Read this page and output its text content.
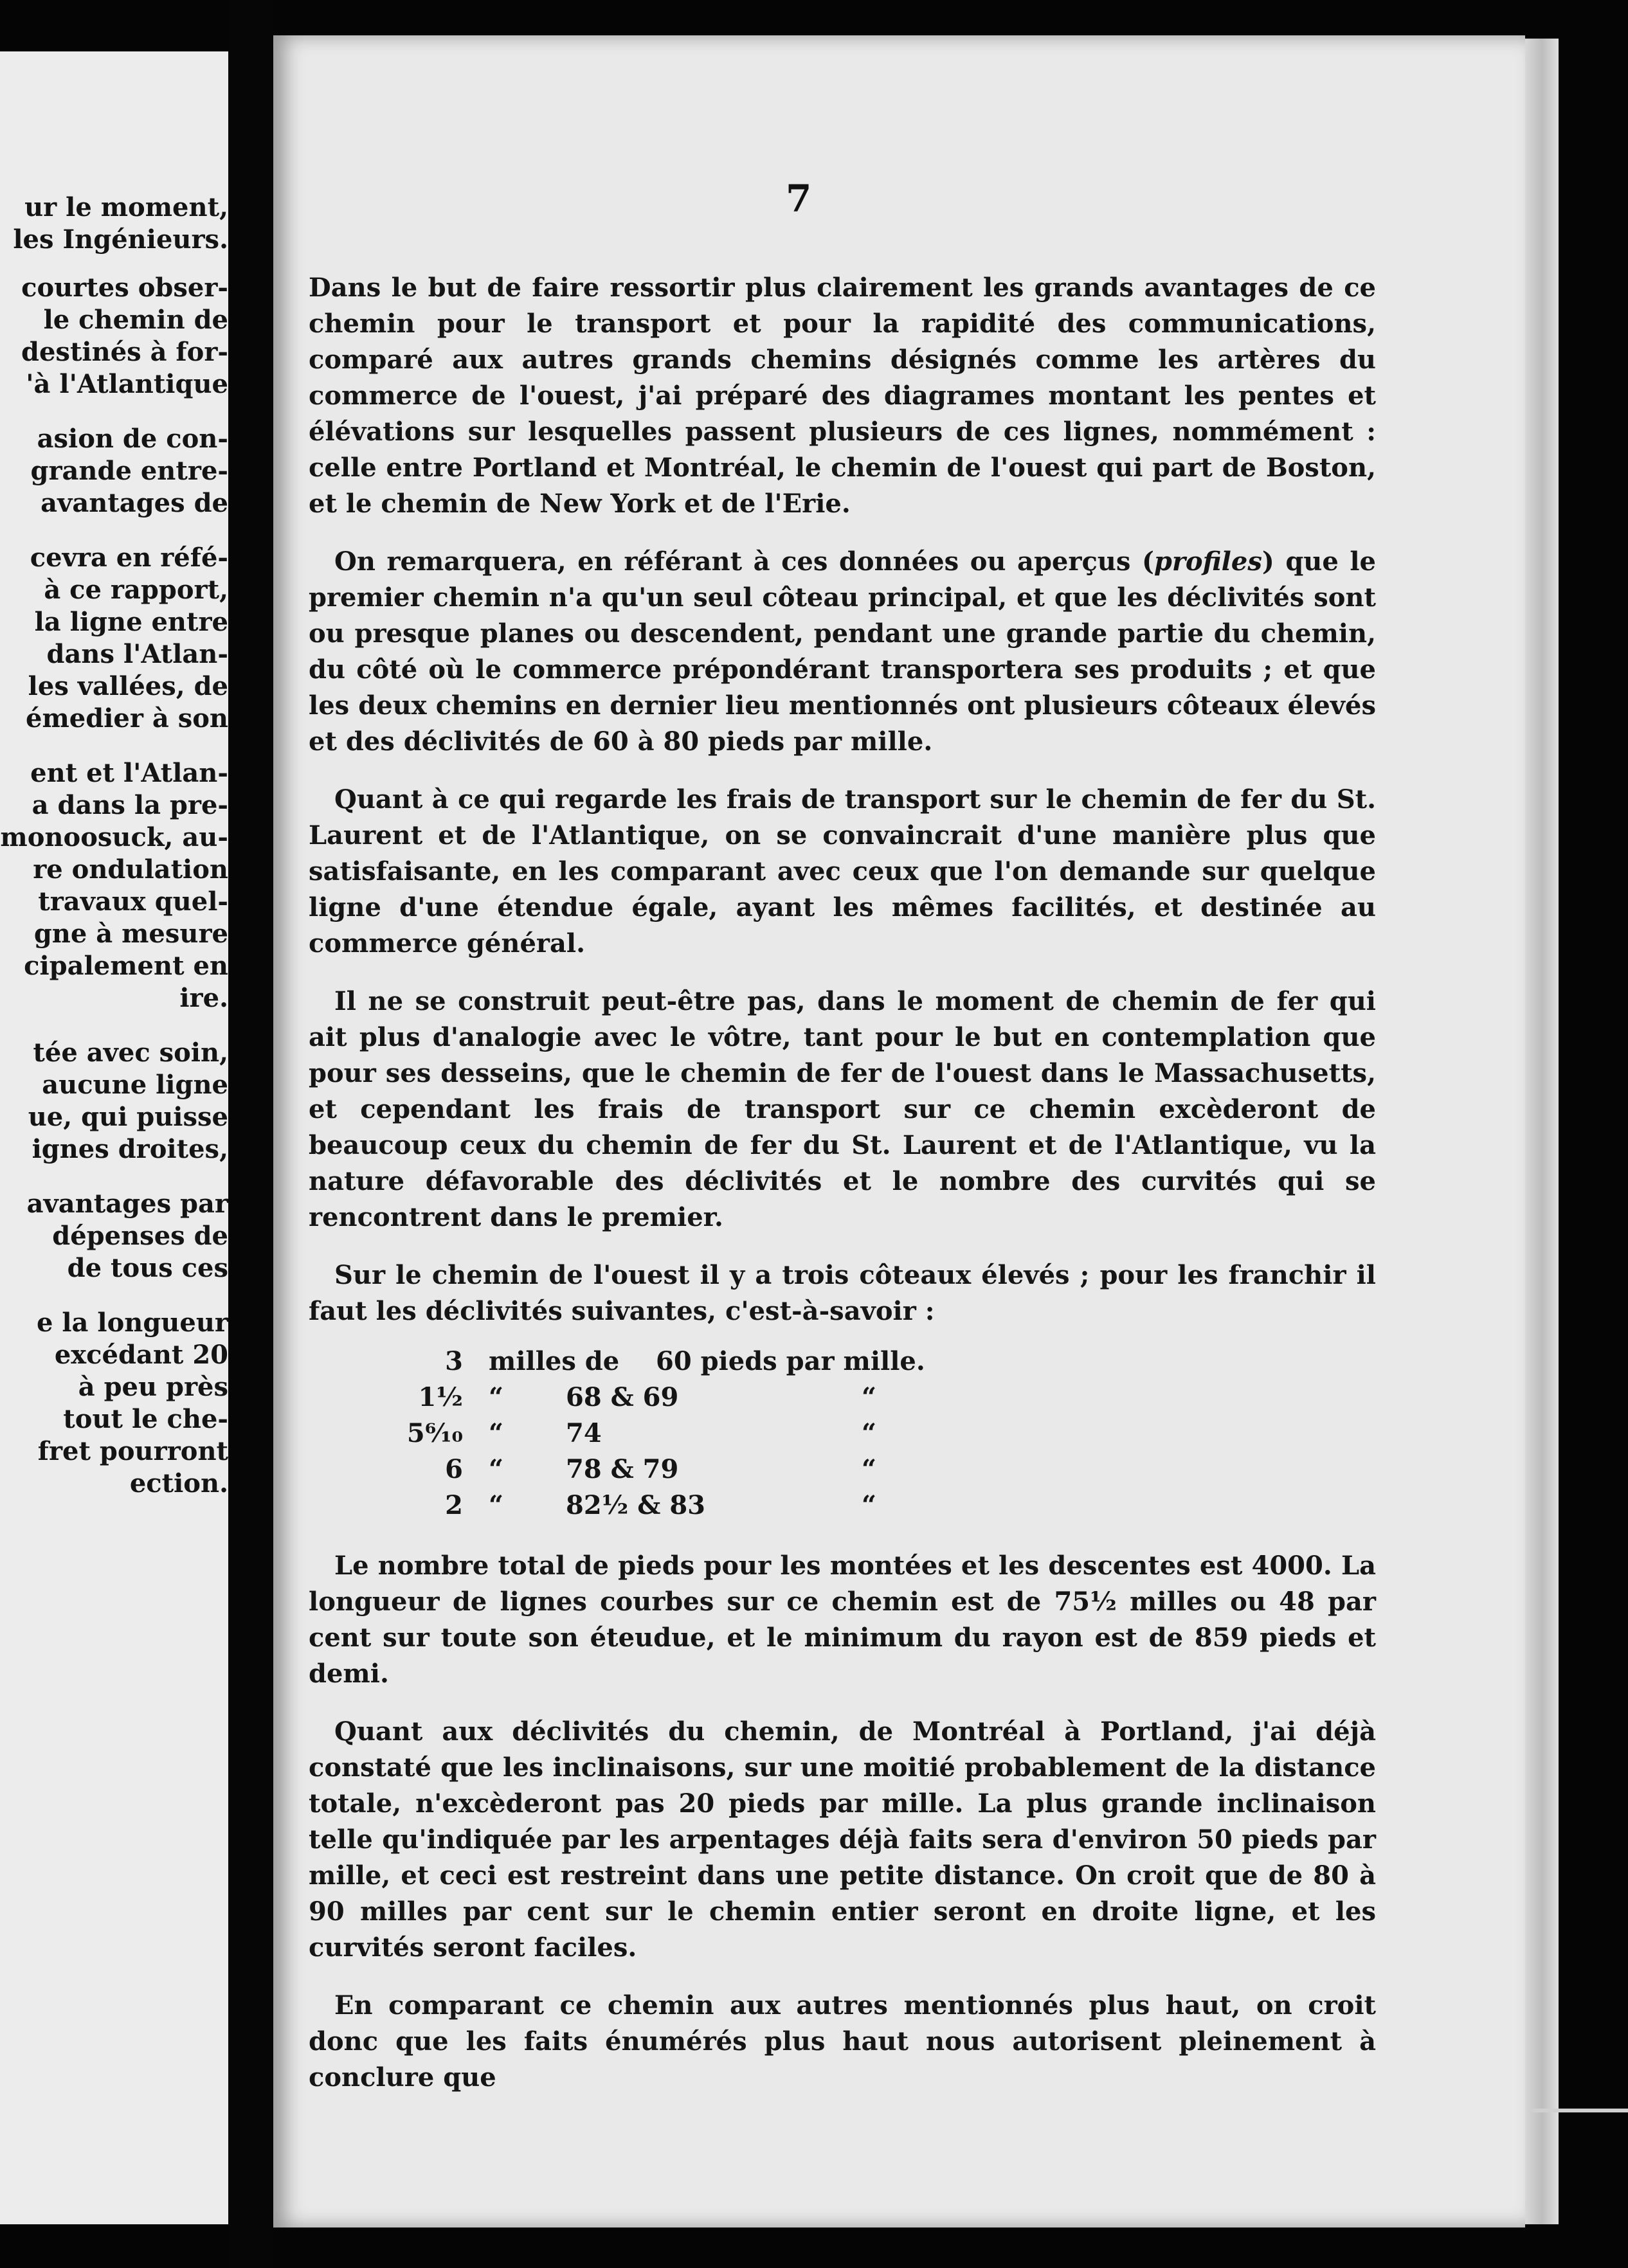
ur le moment,
les Ingénieurs.
courtes obser-
le chemin de
destinés à for-
'à l'Atlantique
asion de con-
grande entre-
avantages de
cevra en réfé-
à ce rapport,
la ligne entre
dans l'Atlan-
les vallées, de
émedier à son
ent et l'Atlan-
a dans la pre-
monoosuck, au-
re ondulation
travaux quel-
gne à mesure
cipalement en
ire.
tée avec soin,
aucune ligne
ue, qui puisse
ignes droites,
avantages par
dépenses de
de tous ces
e la longueur
excédant 20
à peu près
tout le che-
fret pourront
ection.
7

Dans le but de faire ressortir plus clairement les grands avantages de ce chemin pour le transport et pour la rapidité des communications, comparé aux autres grands chemins désignés comme les artères du commerce de l'ouest, j'ai préparé des diagrames montant les pentes et élévations sur lesquelles passent plusieurs de ces lignes, nommément : celle entre Portland et Montréal, le chemin de l'ouest qui part de Boston, et le chemin de New York et de l'Erie.

On remarquera, en référant à ces données ou aperçus (profiles) que le premier chemin n'a qu'un seul côteau principal, et que les déclivités sont ou presque planes ou descendent, pendant une grande partie du chemin, du côté où le commerce prépondérant transportera ses produits ; et que les deux chemins en dernier lieu mentionnés ont plusieurs côteaux élevés et des déclivités de 60 à 80 pieds par mille.

Quant à ce qui regarde les frais de transport sur le chemin de fer du St. Laurent et de l'Atlantique, on se convaincrait d'une manière plus que satisfaisante, en les comparant avec ceux que l'on demande sur quelque ligne d'une étendue égale, ayant les mêmes facilités, et destinée au commerce général.

Il ne se construit peut-être pas, dans le moment de chemin de fer qui ait plus d'analogie avec le vôtre, tant pour le but en contemplation que pour ses desseins, que le chemin de fer de l'ouest dans le Massachusetts, et cependant les frais de transport sur ce chemin excèderont de beaucoup ceux du chemin de fer du St. Laurent et de l'Atlantique, vu la nature défavorable des déclivités et le nombre des curvités qui se rencontrent dans le premier.

Sur le chemin de l'ouest il y a trois côteaux élevés ; pour les franchir il faut les déclivités suivantes, c'est-à-savoir :

3 milles de 60 pieds par mille.
1½ “ 68 & 69	“
5⁶⁄₁₀ “ 74	“
6 “ 78 & 79	“
2 “ 82½ & 83	“

Le nombre total de pieds pour les montées et les descentes est 4000. La longueur de lignes courbes sur ce chemin est de 75½ milles ou 48 par cent sur toute son éteudue, et le minimum du rayon est de 859 pieds et demi.

Quant aux déclivités du chemin, de Montréal à Portland, j'ai déjà constaté que les inclinaisons, sur une moitié probablement de la distance totale, n'excèderont pas 20 pieds par mille. La plus grande inclinaison telle qu'indiquée par les arpentages déjà faits sera d'environ 50 pieds par mille, et ceci est restreint dans une petite distance. On croit que de 80 à 90 milles par cent sur le chemin entier seront en droite ligne, et les curvités seront faciles.

En comparant ce chemin aux autres mentionnés plus haut, on croit donc que les faits énumérés plus haut nous autorisent pleinement à conclure que
